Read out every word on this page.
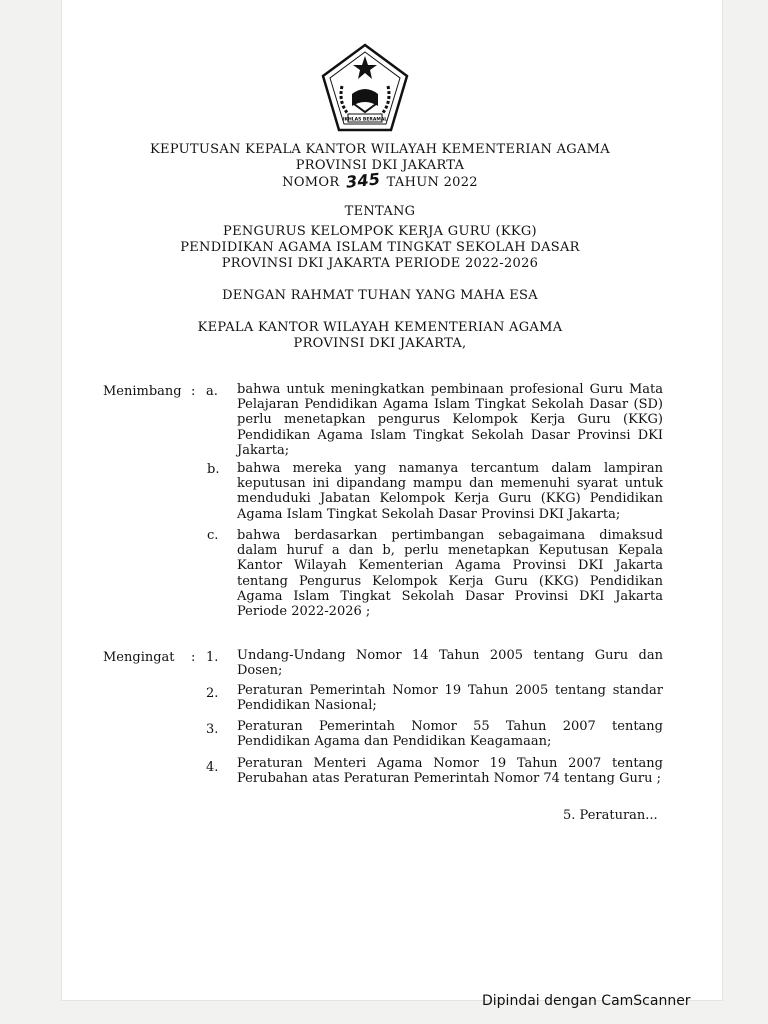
IKHLAS BERAMAL

KEPUTUSAN KEPALA KANTOR WILAYAH KEMENTERIAN AGAMA

PROVINSI DKI JAKARTA

NOMOR 345 TAHUN 2022

TENTANG

PENGURUS KELOMPOK KERJA GURU (KKG)

PENDIDIKAN AGAMA ISLAM TINGKAT SEKOLAH DASAR

PROVINSI DKI JAKARTA PERIODE 2022-2026

DENGAN RAHMAT TUHAN YANG MAHA ESA

KEPALA KANTOR WILAYAH KEMENTERIAN AGAMA

PROVINSI DKI JAKARTA,

Menimbang : a. bahwa untuk meningkatkan pembinaan profesional Guru Mata Pelajaran Pendidikan Agama Islam Tingkat Sekolah Dasar (SD) perlu menetapkan pengurus Kelompok Kerja Guru (KKG) Pendidikan Agama Islam Tingkat Sekolah Dasar Provinsi DKI Jakarta;

b. bahwa mereka yang namanya tercantum dalam lampiran keputusan ini dipandang mampu dan memenuhi syarat untuk menduduki Jabatan Kelompok Kerja Guru (KKG) Pendidikan Agama Islam Tingkat Sekolah Dasar Provinsi DKI Jakarta;

c. bahwa berdasarkan pertimbangan sebagaimana dimaksud dalam huruf a dan b, perlu menetapkan Keputusan Kepala Kantor Wilayah Kementerian Agama Provinsi DKI Jakarta tentang Pengurus Kelompok Kerja Guru (KKG) Pendidikan Agama Islam Tingkat Sekolah Dasar Provinsi DKI Jakarta Periode 2022-2026 ;

Mengingat : 1. Undang-Undang Nomor 14 Tahun 2005 tentang Guru dan Dosen;

2. Peraturan Pemerintah Nomor 19 Tahun 2005 tentang standar Pendidikan Nasional;

3. Peraturan Pemerintah Nomor 55 Tahun 2007 tentang Pendidikan Agama dan Pendidikan Keagamaan;

4. Peraturan Menteri Agama Nomor 19 Tahun 2007 tentang Perubahan atas Peraturan Pemerintah Nomor 74 tentang Guru ;

5. Peraturan...
Dipindai dengan CamScanner
